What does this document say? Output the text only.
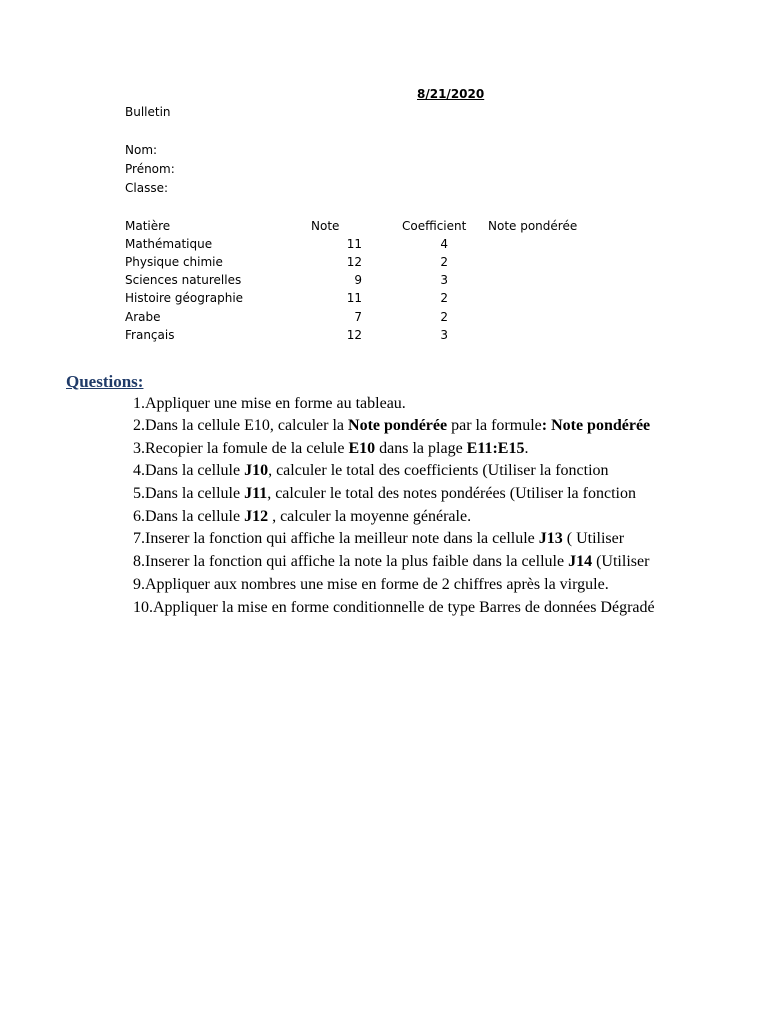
8/21/2020
Bulletin
Nom:
Prénom:
Classe:
Matière	Note	Coefficient Note pondérée
Mathématique	11	4
Physique chimie	12	2
Sciences naturelles	9	3
Histoire géographie	11	2
Arabe	7	2
Français	12	3
Questions:
1.Appliquer une mise en forme au tableau.
2.Dans la cellule E10, calculer la Note pondérée par la formule: Note pondérée
3.Recopier la fomule de la celule E10 dans la plage E11:E15.
4.Dans la cellule J10, calculer le total des coefficients (Utiliser la fonction
5.Dans la cellule J11, calculer le total des notes pondérées (Utiliser la fonction
6.Dans la cellule J12 , calculer la moyenne générale.
7.Inserer la fonction qui affiche la meilleur note dans la cellule J13 ( Utiliser
8.Inserer la fonction qui affiche la note la plus faible dans la cellule J14 (Utiliser
9.Appliquer aux nombres une mise en forme de 2 chiffres après la virgule.
10.Appliquer la mise en forme conditionnelle de type Barres de données Dégradé
